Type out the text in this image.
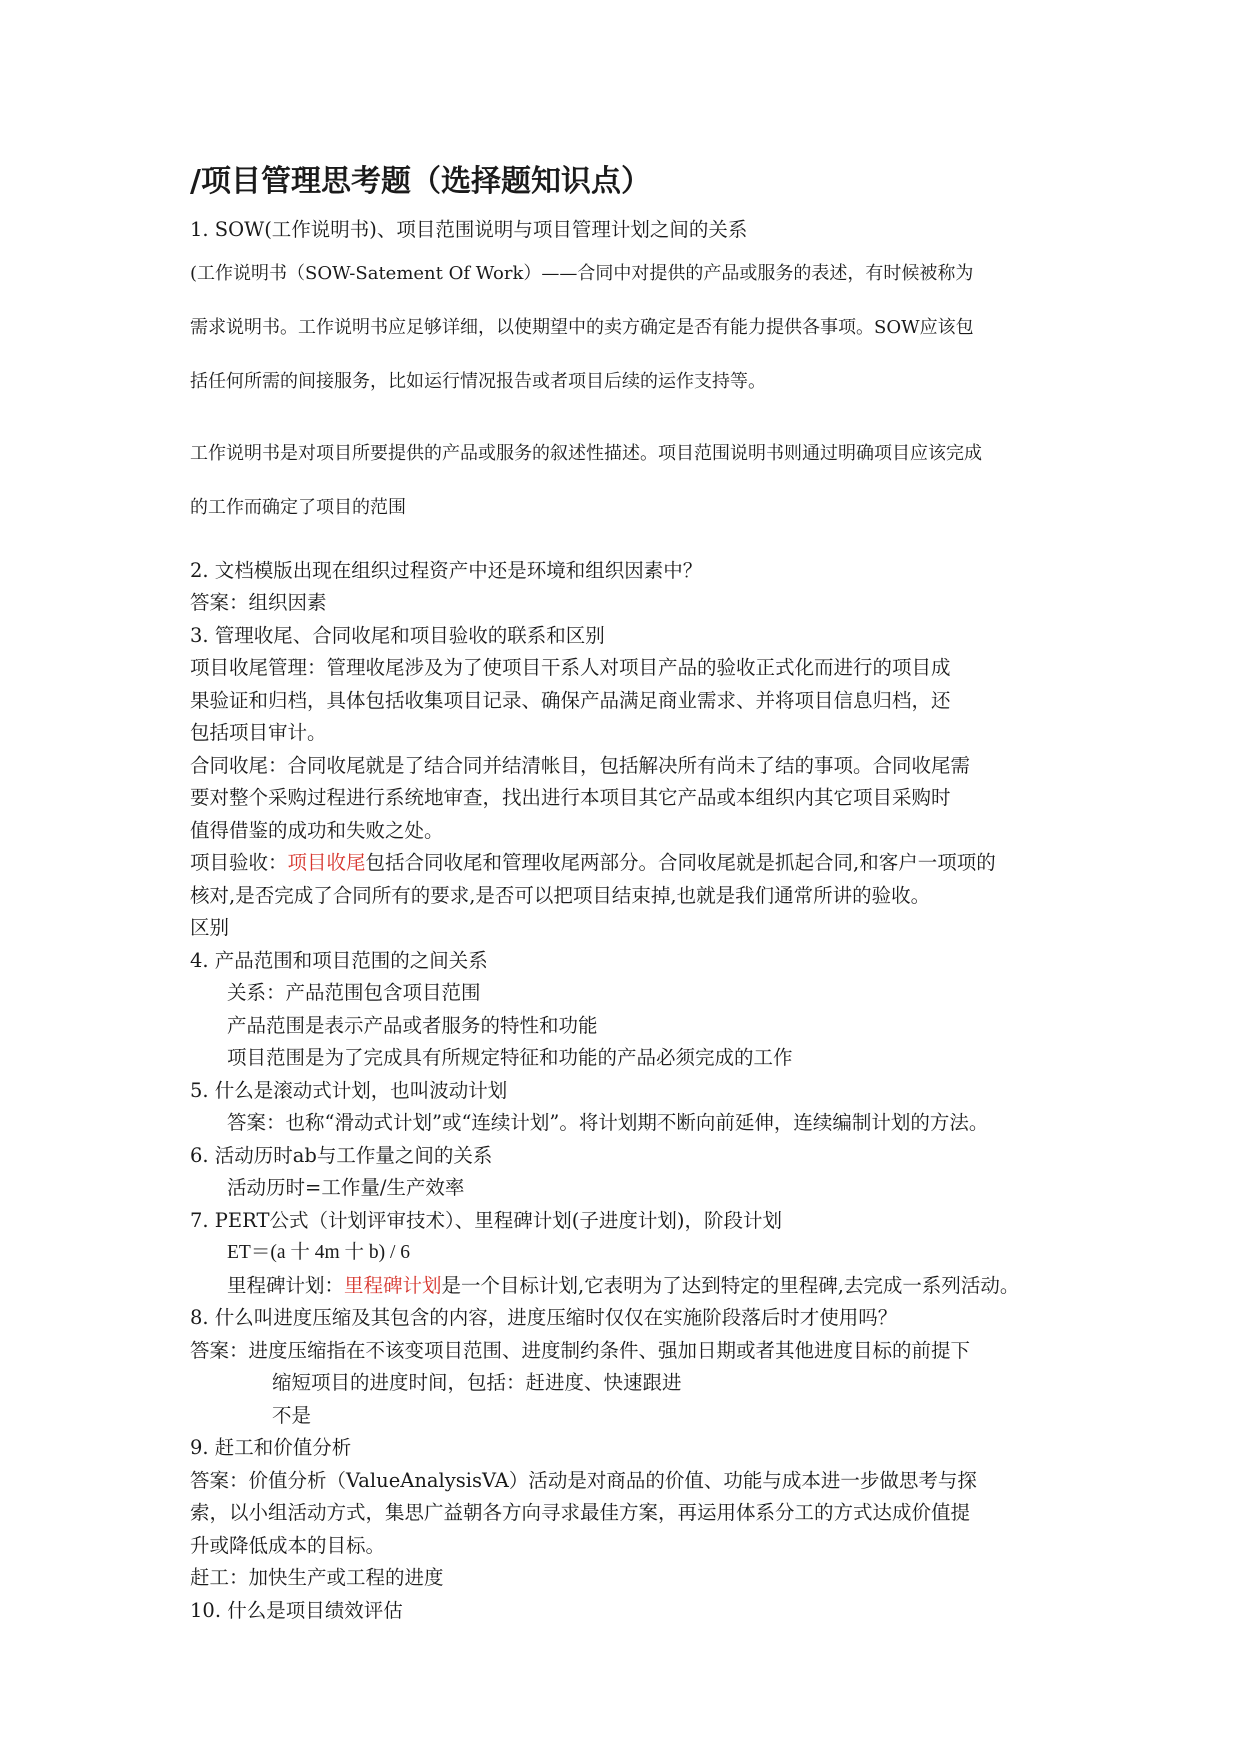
/项目管理思考题（选择题知识点）
1. SOW(工作说明书)、项目范围说明与项目管理计划之间的关系
(工作说明书（SOW-Satement Of Work）——合同中对提供的产品或服务的表述，有时候被称为
需求说明书。工作说明书应足够详细，以使期望中的卖方确定是否有能力提供各事项。SOW应该包
括任何所需的间接服务，比如运行情况报告或者项目后续的运作支持等。
工作说明书是对项目所要提供的产品或服务的叙述性描述。项目范围说明书则通过明确项目应该完成
的工作而确定了项目的范围
2. 文档模版出现在组织过程资产中还是环境和组织因素中？
答案：组织因素
3. 管理收尾、合同收尾和项目验收的联系和区别
项目收尾管理：管理收尾涉及为了使项目干系人对项目产品的验收正式化而进行的项目成
果验证和归档，具体包括收集项目记录、确保产品满足商业需求、并将项目信息归档，还
包括项目审计。
合同收尾：合同收尾就是了结合同并结清帐目，包括解决所有尚未了结的事项。合同收尾需
要对整个采购过程进行系统地审查，找出进行本项目其它产品或本组织内其它项目采购时
值得借鉴的成功和失败之处。
项目验收：项目收尾包括合同收尾和管理收尾两部分。合同收尾就是抓起合同,和客户一项项的
核对,是否完成了合同所有的要求,是否可以把项目结束掉,也就是我们通常所讲的验收。
区别
4. 产品范围和项目范围的之间关系
关系：产品范围包含项目范围
产品范围是表示产品或者服务的特性和功能
项目范围是为了完成具有所规定特征和功能的产品必须完成的工作
5. 什么是滚动式计划，也叫波动计划
答案：也称“滑动式计划”或“连续计划”。将计划期不断向前延伸，连续编制计划的方法。
6. 活动历时ab与工作量之间的关系
活动历时=工作量/生产效率
7. PERT公式（计划评审技术）、里程碑计划(子进度计划)，阶段计划
ET＝(a 十 4m 十 b) / 6
里程碑计划：里程碑计划是一个目标计划,它表明为了达到特定的里程碑,去完成一系列活动。
8. 什么叫进度压缩及其包含的内容，进度压缩时仅仅在实施阶段落后时才使用吗？
答案：进度压缩指在不该变项目范围、进度制约条件、强加日期或者其他进度目标的前提下
缩短项目的进度时间，包括：赶进度、快速跟进
不是
9. 赶工和价值分析
答案：价值分析（ValueAnalysisVA）活动是对商品的价值、功能与成本进一步做思考与探
索，以小组活动方式，集思广益朝各方向寻求最佳方案，再运用体系分工的方式达成价值提
升或降低成本的目标。
赶工：加快生产或工程的进度
10. 什么是项目绩效评估
